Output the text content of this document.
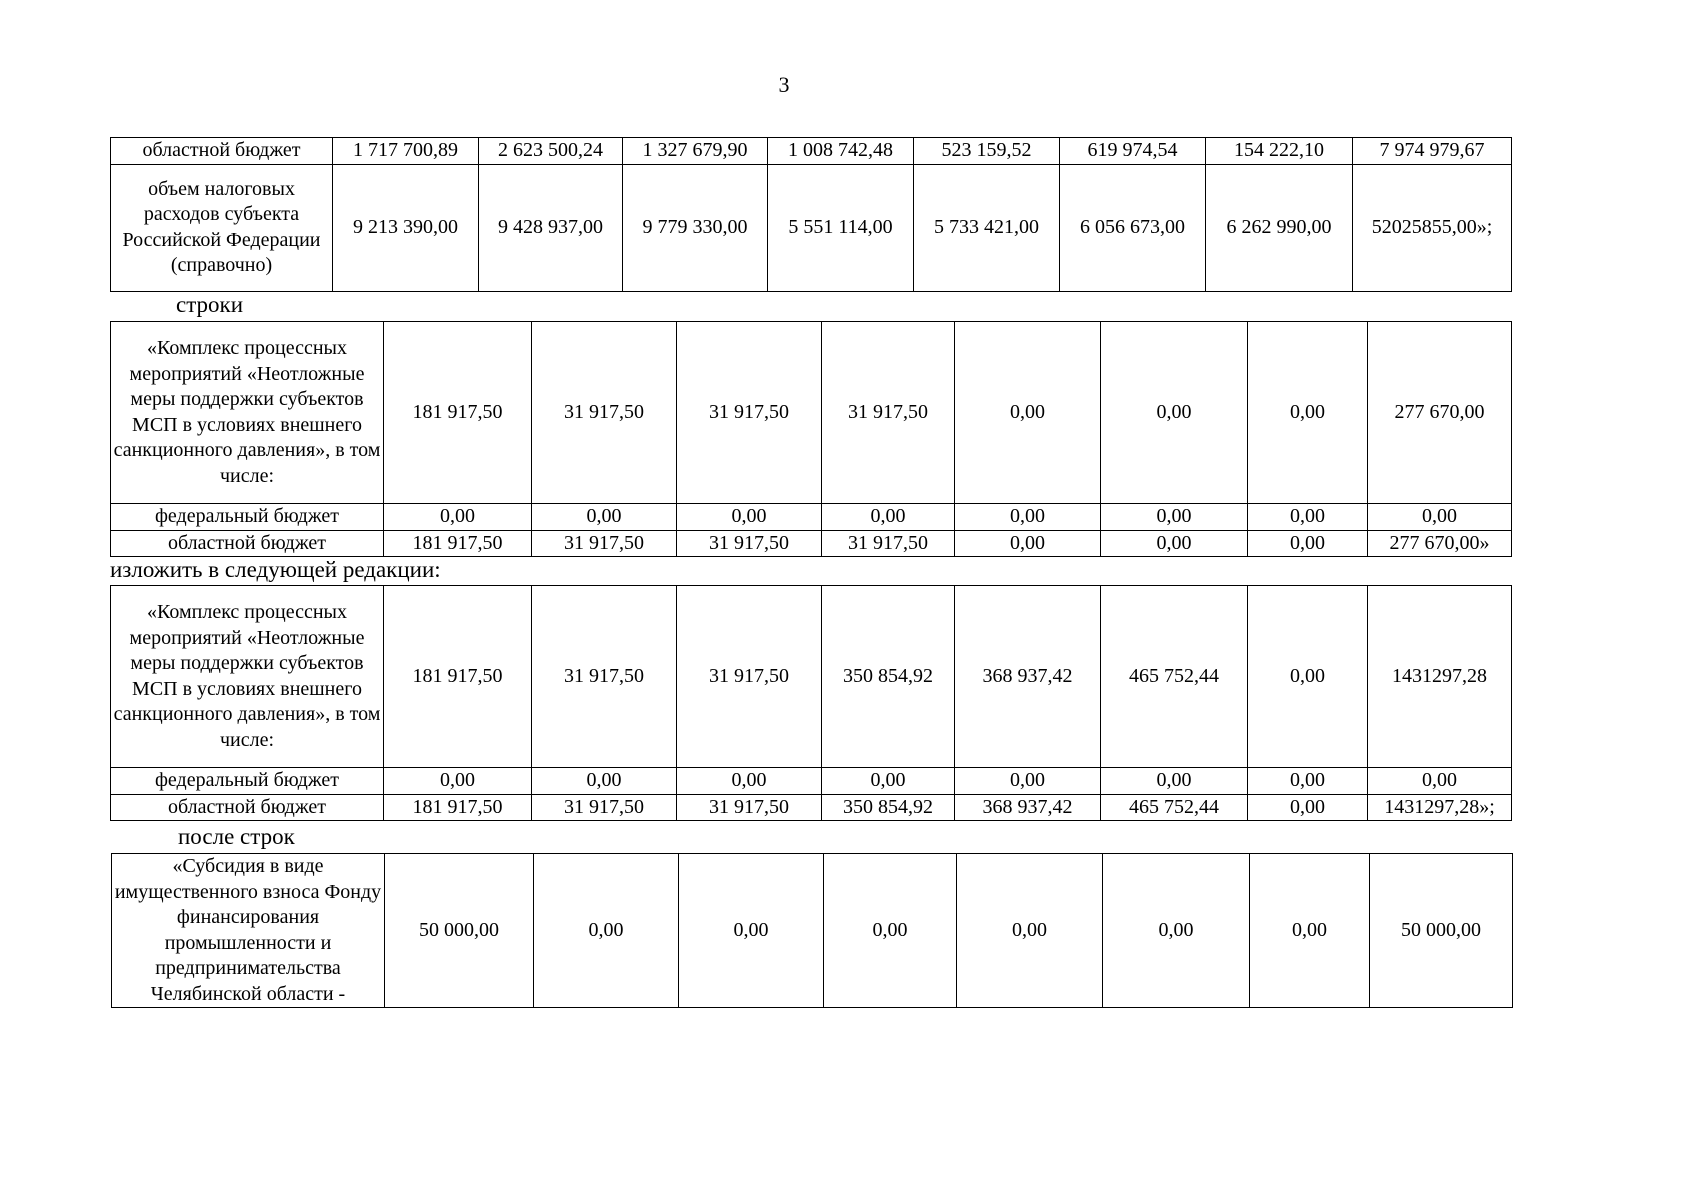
3
областной бюджет	1 717 700,89	2 623 500,24	1 327 679,90	1 008 742,48	523 159,52	619 974,54	154 222,10	7 974 979,67
объем налоговых расходов субъекта Российской Федерации (справочно)	9 213 390,00	9 428 937,00	9 779 330,00	5 551 114,00	5 733 421,00	6 056 673,00	6 262 990,00	52025855,00»;
строки
«Комплекс процессных мероприятий «Неотложные меры поддержки субъектов МСП в условиях внешнего санкционного давления», в том числе:	181 917,50	31 917,50	31 917,50	31 917,50	0,00	0,00	0,00	277 670,00
федеральный бюджет	0,00	0,00	0,00	0,00	0,00	0,00	0,00	0,00
областной бюджет	181 917,50	31 917,50	31 917,50	31 917,50	0,00	0,00	0,00	277 670,00»
изложить в следующей редакции:
«Комплекс процессных мероприятий «Неотложные меры поддержки субъектов МСП в условиях внешнего санкционного давления», в том числе:	181 917,50	31 917,50	31 917,50	350 854,92	368 937,42	465 752,44	0,00	1431297,28
федеральный бюджет	0,00	0,00	0,00	0,00	0,00	0,00	0,00	0,00
областной бюджет	181 917,50	31 917,50	31 917,50	350 854,92	368 937,42	465 752,44	0,00	1431297,28»;
после строк
«Субсидия в виде имущественного взноса Фонду финансирования промышленности и предпринимательства Челябинской области -	50 000,00	0,00	0,00	0,00	0,00	0,00	0,00	50 000,00
